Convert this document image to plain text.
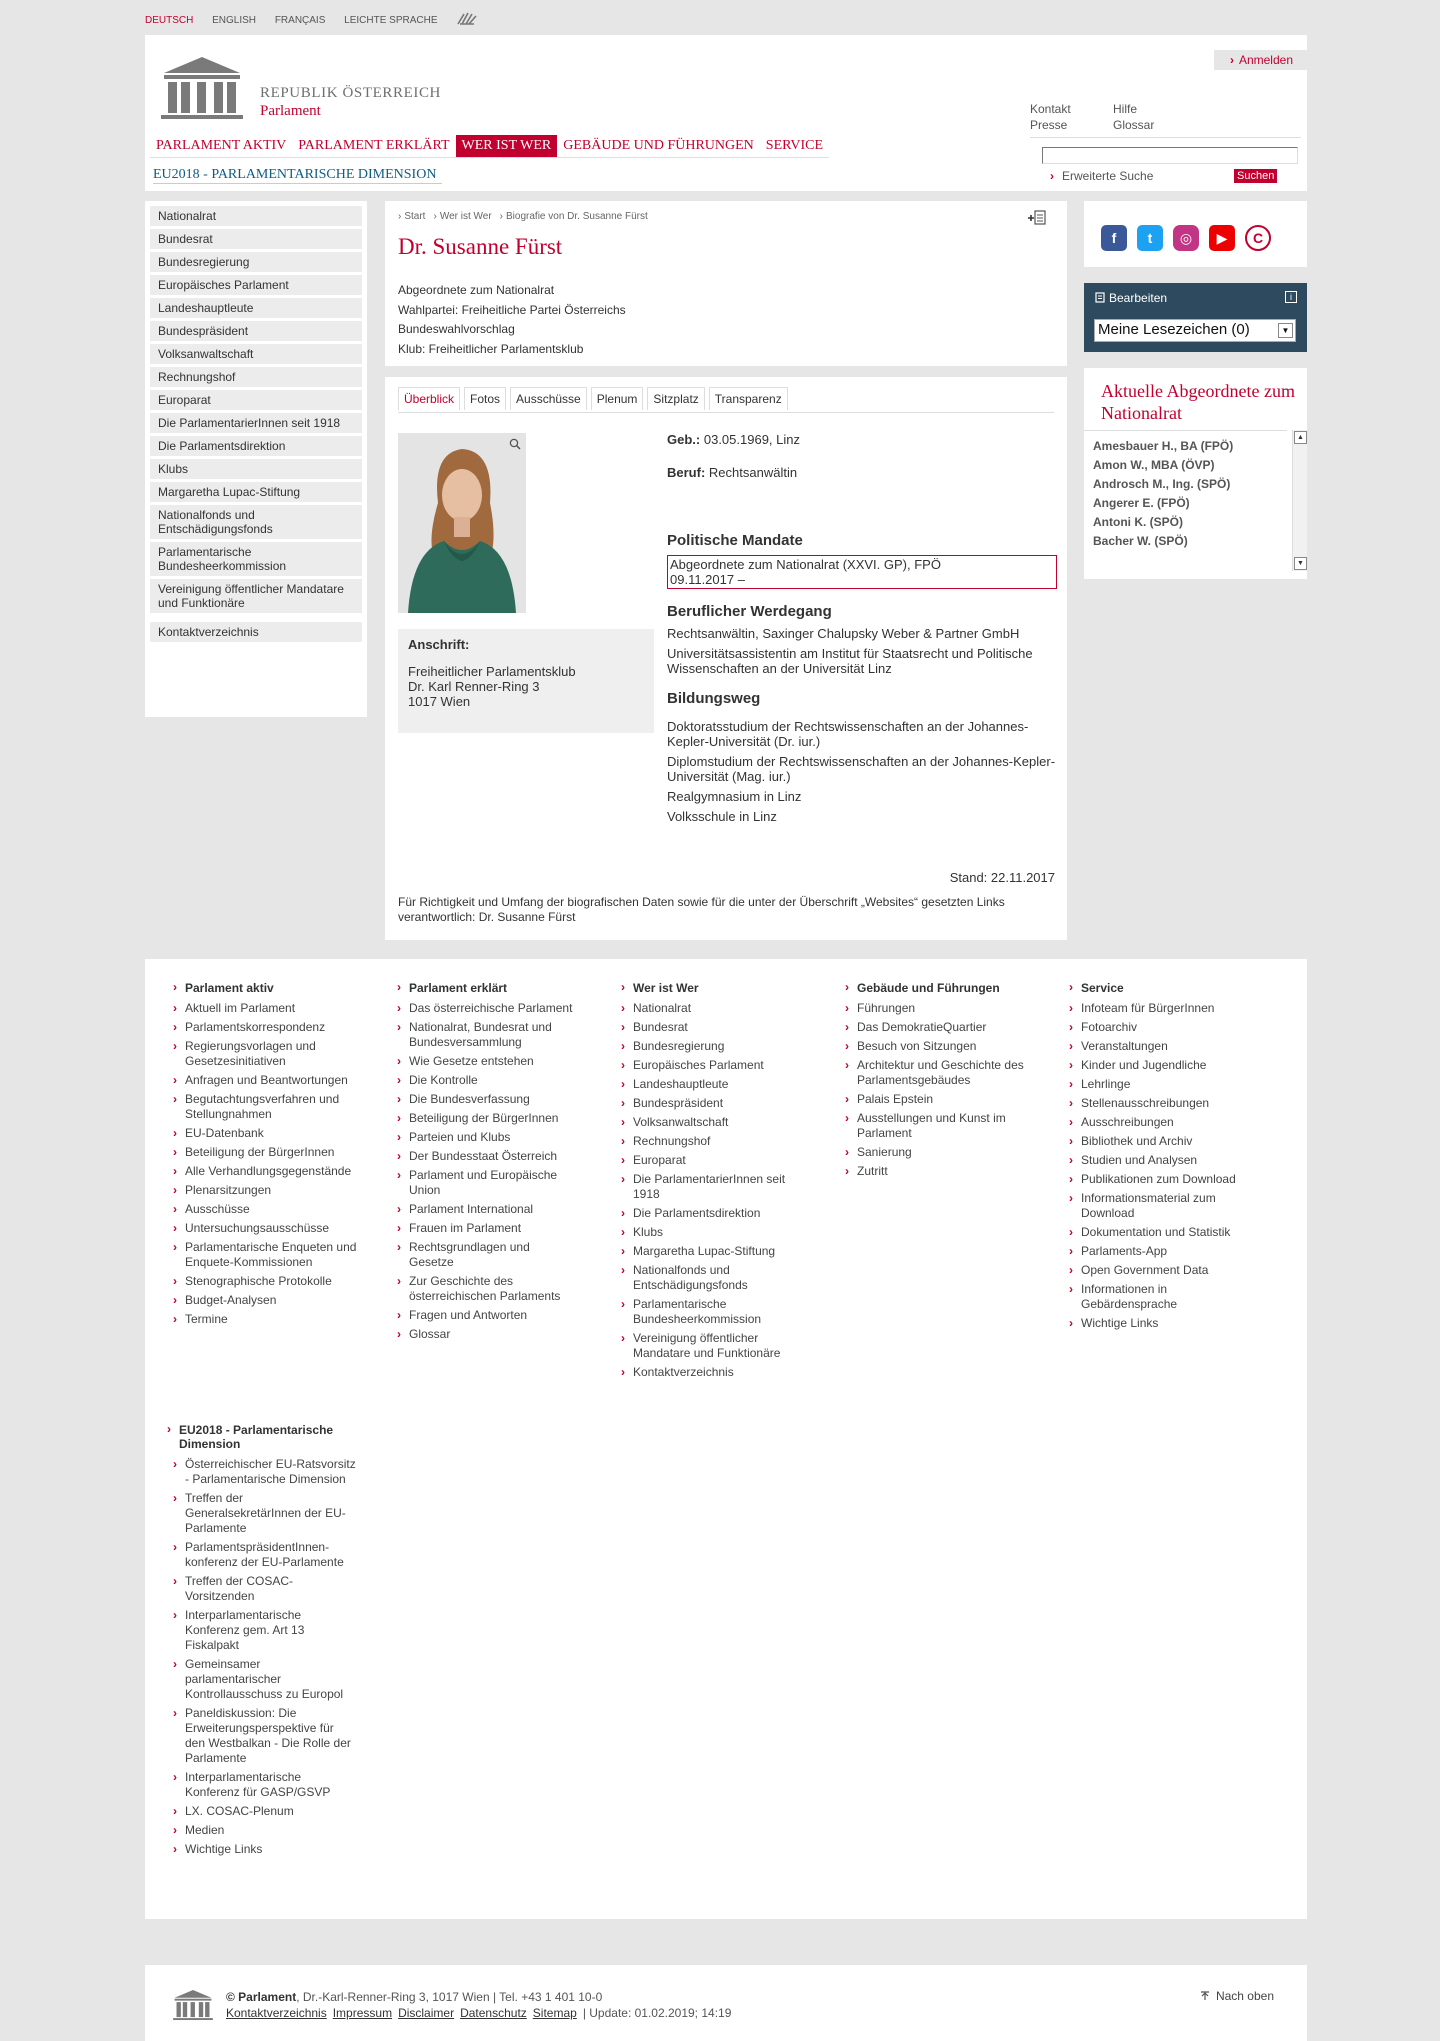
DEUTSCH ENGLISH FRANÇAIS LEICHTE SPRACHE
REPUBLIK ÖSTERREICH
Parlament
› Anmelden
Kontakt
PresseHilfe
Glossar
› Erweiterte Suche	Suchen
PARLAMENT AKTIV PARLAMENT ERKLÄRT WER IST WER GEBÄUDE UND FÜHRUNGEN SERVICE
EU2018 - PARLAMENTARISCHE DIMENSION
Nationalrat
Bundesrat
Bundesregierung
Europäisches Parlament
Landeshauptleute
Bundespräsident
Volksanwaltschaft
Rechnungshof
Europarat
Die ParlamentarierInnen seit 1918
Die Parlamentsdirektion
Klubs
Margaretha Lupac-Stiftung
Nationalfonds und Entschädigungsfonds
Parlamentarische Bundesheerkommission
Vereinigung öffentlicher Mandatare und Funktionäre
Kontaktverzeichnis
› Start › Wer ist Wer › Biografie von Dr. Susanne Fürst
Dr. Susanne Fürst
Abgeordnete zum Nationalrat
Wahlpartei: Freiheitliche Partei Österreichs
Bundeswahlvorschlag
Klub: Freiheitlicher Parlamentsklub
Überblick Fotos Ausschüsse Plenum Sitzplatz Transparenz
Anschrift:
Freiheitlicher Parlamentsklub
Dr. Karl Renner-Ring 3
1017 Wien
Geb.: 03.05.1969, Linz
Beruf: Rechtsanwältin
Politische Mandate
Abgeordnete zum Nationalrat (XXVI. GP), FPÖ
09.11.2017 –
Beruflicher Werdegang
Rechtsanwältin, Saxinger Chalupsky Weber & Partner GmbH
Universitätsassistentin am Institut für Staatsrecht und Politische Wissenschaften an der Universität Linz
Bildungsweg
Doktoratsstudium der Rechtswissenschaften an der Johannes-Kepler-Universität (Dr. iur.)
Diplomstudium der Rechtswissenschaften an der Johannes-Kepler-Universität (Mag. iur.)
Realgymnasium in Linz
Volksschule in Linz
Stand: 22.11.2017
Für Richtigkeit und Umfang der biografischen Daten sowie für die unter der Überschrift „Websites“ gesetzten Links verantwortlich: Dr. Susanne Fürst
f t ◎ ▶ C
Bearbeiten	i
Meine Lesezeichen (0)	▼
Aktuelle Abgeordnete zum Nationalrat
Amesbauer H., BA (FPÖ)
Amon W., MBA (ÖVP)
Androsch M., Ing. (SPÖ)
Angerer E. (FPÖ)
Antoni K. (SPÖ)
Bacher W. (SPÖ)
▲
▼
› Parlament aktiv
› Aktuell im Parlament
› Parlamentskorrespondenz
› Regierungsvorlagen und Gesetzesinitiativen
› Anfragen und Beantwortungen
› Begutachtungsverfahren und Stellungnahmen
› EU-Datenbank
› Beteiligung der BürgerInnen
› Alle Verhandlungsgegenstände
› Plenarsitzungen
› Ausschüsse
› Untersuchungsausschüsse
› Parlamentarische Enqueten und Enquete-Kommissionen
› Stenographische Protokolle
› Budget-Analysen
› Termine
› Parlament erklärt
› Das österreichische Parlament
› Nationalrat, Bundesrat und Bundesversammlung
› Wie Gesetze entstehen
› Die Kontrolle
› Die Bundesverfassung
› Beteiligung der BürgerInnen
› Parteien und Klubs
› Der Bundesstaat Österreich
› Parlament und Europäische Union
› Parlament International
› Frauen im Parlament
› Rechtsgrundlagen und Gesetze
› Zur Geschichte des österreichischen Parlaments
› Fragen und Antworten
› Glossar
› Wer ist Wer
› Nationalrat
› Bundesrat
› Bundesregierung
› Europäisches Parlament
› Landeshauptleute
› Bundespräsident
› Volksanwaltschaft
› Rechnungshof
› Europarat
› Die ParlamentarierInnen seit 1918
› Die Parlamentsdirektion
› Klubs
› Margaretha Lupac-Stiftung
› Nationalfonds und Entschädigungsfonds
› Parlamentarische Bundesheerkommission
› Vereinigung öffentlicher Mandatare und Funktionäre
› Kontaktverzeichnis
› Gebäude und Führungen
› Führungen
› Das DemokratieQuartier
› Besuch von Sitzungen
› Architektur und Geschichte des Parlamentsgebäudes
› Palais Epstein
› Ausstellungen und Kunst im Parlament
› Sanierung
› Zutritt
› Service
› Infoteam für BürgerInnen
› Fotoarchiv
› Veranstaltungen
› Kinder und Jugendliche
› Lehrlinge
› Stellenausschreibungen
› Ausschreibungen
› Bibliothek und Archiv
› Studien und Analysen
› Publikationen zum Download
› Informationsmaterial zum Download
› Dokumentation und Statistik
› Parlaments-App
› Open Government Data
› Informationen in Gebärdensprache
› Wichtige Links
› EU2018 - Parlamentarische Dimension
› Österreichischer EU-Ratsvorsitz - Parlamentarische Dimension
› Treffen der GeneralsekretärInnen der EU-Parlamente
› ParlamentspräsidentInnen-konferenz der EU-Parlamente
› Treffen der COSAC-Vorsitzenden
› Interparlamentarische Konferenz gem. Art 13 Fiskalpakt
› Gemeinsamer parlamentarischer Kontrollausschuss zu Europol
› Paneldiskussion: Die Erweiterungsperspektive für den Westbalkan - Die Rolle der Parlamente
› Interparlamentarische Konferenz für GASP/GSVP
› LX. COSAC-Plenum
› Medien
› Wichtige Links
© Parlament, Dr.-Karl-Renner-Ring 3, 1017 Wien | Tel. +43 1 401 10-0
Kontaktverzeichnis Impressum Disclaimer Datenschutz Sitemap | Update: 01.02.2019; 14:19
Nach oben
